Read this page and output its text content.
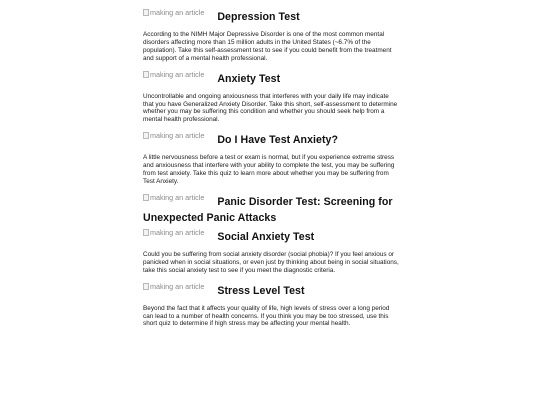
making an article	Depression Test

According to the NIMH Major Depressive Disorder is one of the most common mental disorders affecting more than 15 million adults in the United States (~6.7% of the population). Take this self-assessment test to see if you could benefit from the treatment and support of a mental health professional.

making an article	Anxiety Test

Uncontrollable and ongoing anxiousness that interferes with your daily life may indicate that you have Generalized Anxiety Disorder. Take this short, self-assessment to determine whether you may be suffering this condition and whether you should seek help from a mental health professional.

making an article	Do I Have Test Anxiety?

A little nervousness before a test or exam is normal, but if you experience extreme stress and anxiousness that interfere with your ability to complete the test, you may be suffering from test anxiety. Take this quiz to learn more about whether you may be suffering from Test Anxiety.

making an article	Panic Disorder Test: Screening for Unexpected Panic Attacks
making an article	Social Anxiety Test

Could you be suffering from social anxiety disorder (social phobia)? If you feel anxious or panicked when in social situations, or even just by thinking about being in social situations, take this social anxiety test to see if you meet the diagnostic criteria.

making an article	Stress Level Test

Beyond the fact that it affects your quality of life, high levels of stress over a long period can lead to a number of health concerns. If you think you may be too stressed, use this short quiz to determine if high stress may be affecting your mental health.
